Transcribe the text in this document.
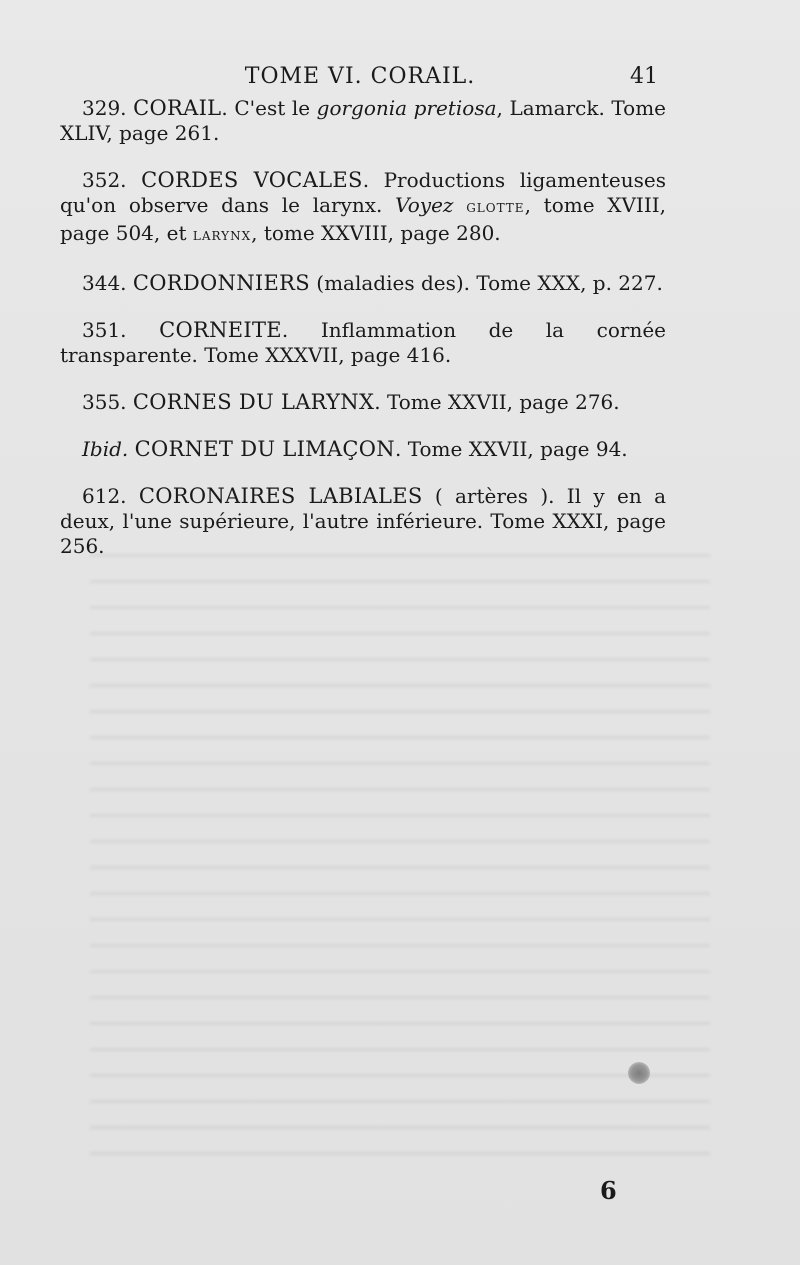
TOME VI. CORAIL.	41

329. CORAIL. C'est le gorgonia pretiosa, Lamarck. Tome XLIV, page 261.

352. CORDES VOCALES. Productions ligamenteuses qu'on observe dans le larynx. Voyez GLOTTE, tome XVIII, page 504, et LARYNX, tome XXVIII, page 280.

344. CORDONNIERS (maladies des). Tome XXX, p. 227.

351. CORNEITE. Inflammation de la cornée transparente. Tome XXXVII, page 416.

355. CORNES DU LARYNX. Tome XXVII, page 276.

Ibid. CORNET DU LIMAÇON. Tome XXVII, page 94.

612. CORONAIRES LABIALES ( artères ). Il y en a deux, l'une supérieure, l'autre inférieure. Tome XXXI, page 256.

6
